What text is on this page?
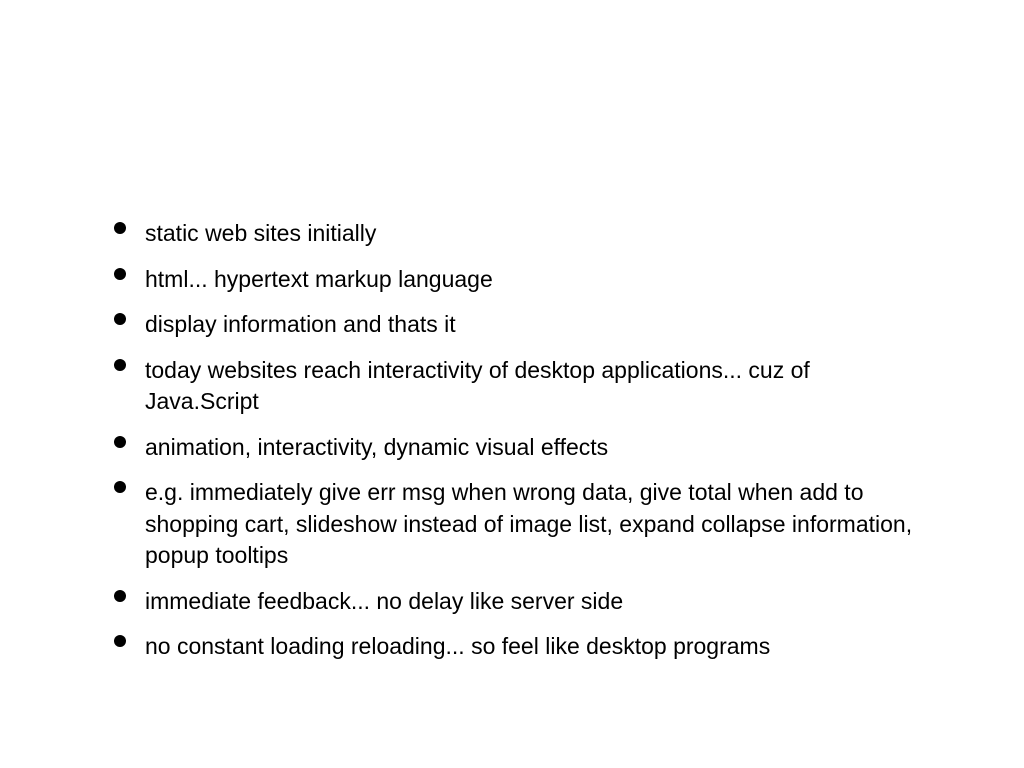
static web sites initially
html... hypertext markup language
display information and thats it
today websites reach interactivity of desktop applications... cuz of Java.Script
animation, interactivity, dynamic visual effects
e.g. immediately give err msg when wrong data, give total when add to shopping cart, slideshow instead of image list, expand collapse information, popup tooltips
immediate feedback... no delay like server side
no constant loading reloading... so feel like desktop programs
